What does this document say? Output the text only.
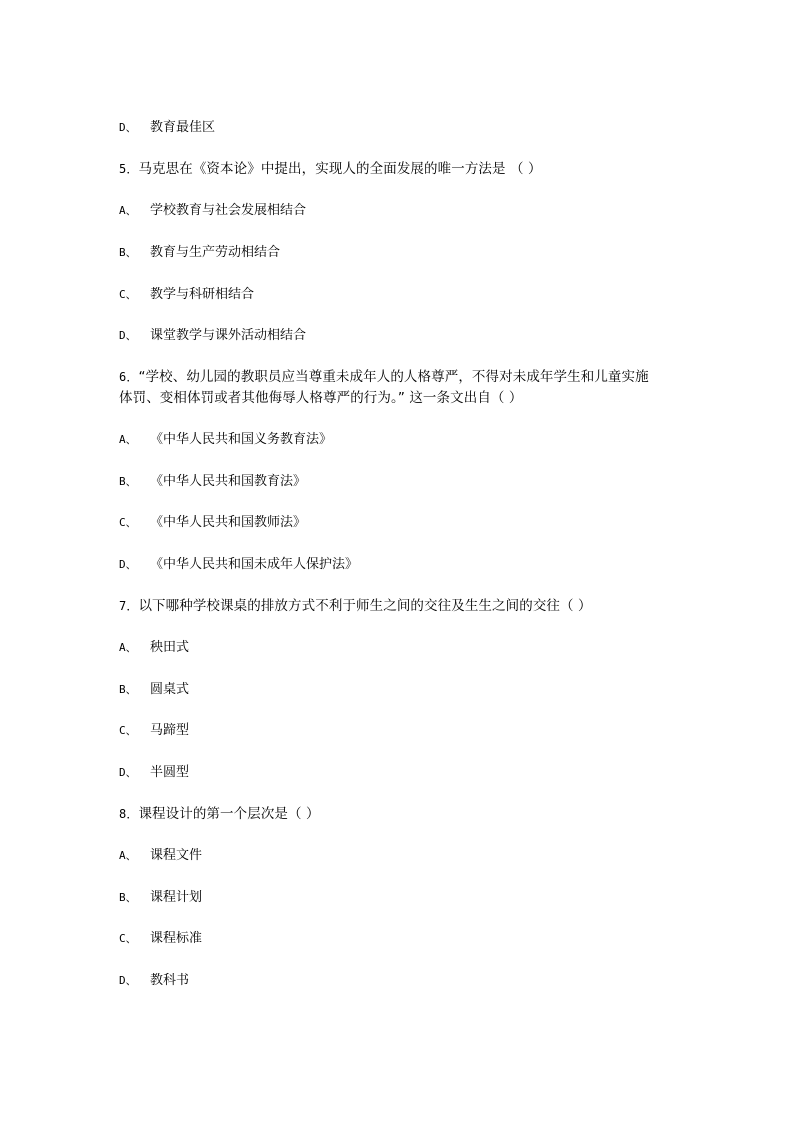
D、 教育最佳区
5．马克思在《资本论》中提出，实现人的全面发展的唯一方法是 （ ）
A、 学校教育与社会发展相结合
B、 教育与生产劳动相结合
C、 教学与科研相结合
D、 课堂教学与课外活动相结合
6．“学校、幼儿园的教职员应当尊重未成年人的人格尊严，不得对未成年学生和儿童实施
体罚、变相体罚或者其他侮辱人格尊严的行为。” 这一条文出自（ ）
A、 《中华人民共和国义务教育法》
B、 《中华人民共和国教育法》
C、 《中华人民共和国教师法》
D、 《中华人民共和国未成年人保护法》
7．以下哪种学校课桌的排放方式不利于师生之间的交往及生生之间的交往（ ）
A、 秧田式
B、 圆桌式
C、 马蹄型
D、 半圆型
8．课程设计的第一个层次是（ ）
A、 课程文件
B、 课程计划
C、 课程标准
D、 教科书
